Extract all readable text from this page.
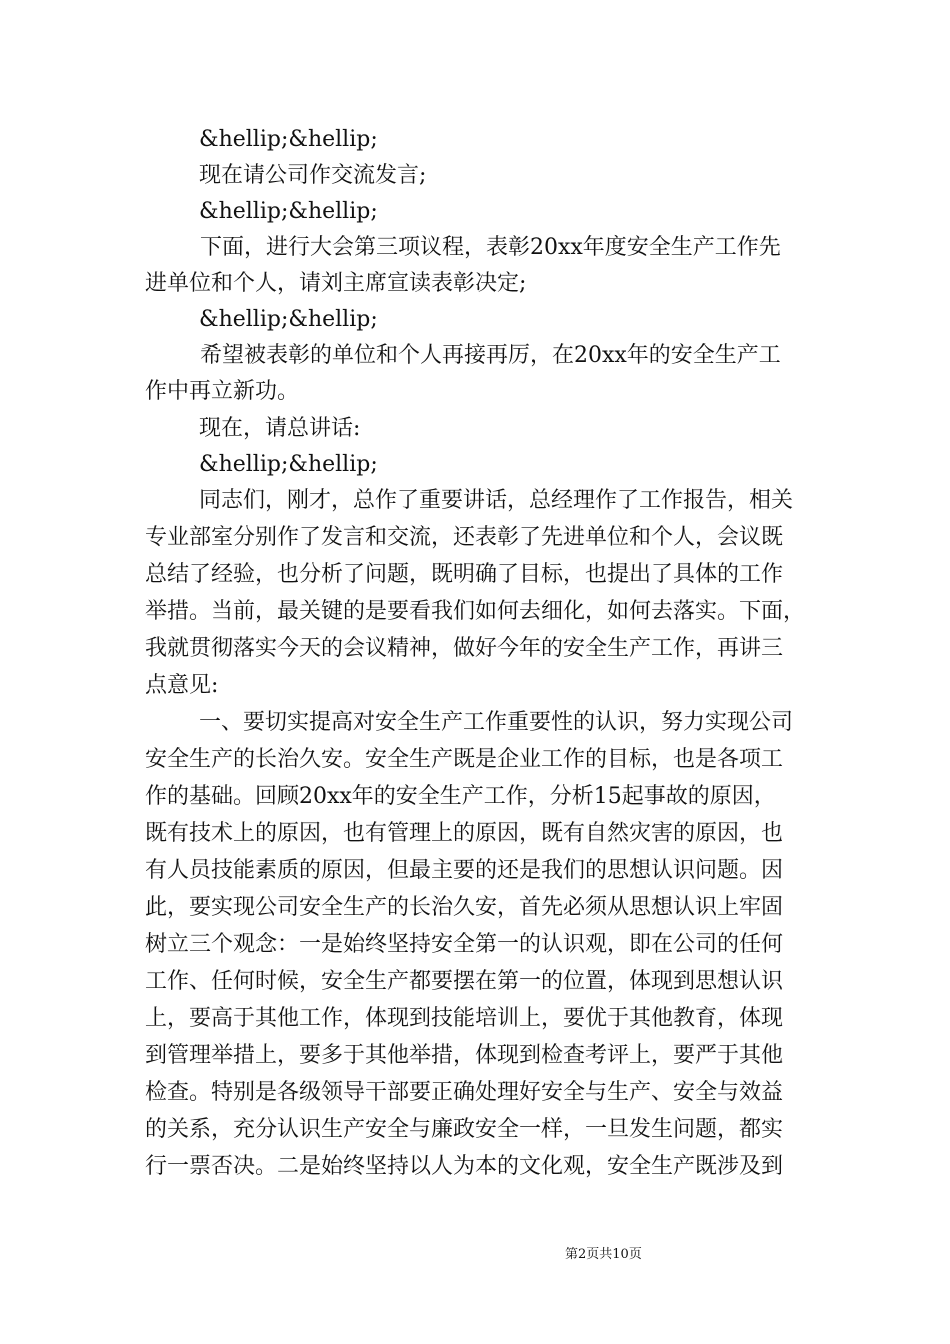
&hellip;&hellip;
现在请公司作交流发言;
&hellip;&hellip;
下面，进行大会第三项议程，表彰20xx年度安全生产工作先
进单位和个人，请刘主席宣读表彰决定;
&hellip;&hellip;
希望被表彰的单位和个人再接再厉，在20xx年的安全生产工
作中再立新功。
现在，请总讲话:
&hellip;&hellip;
同志们，刚才，总作了重要讲话，总经理作了工作报告，相关
专业部室分别作了发言和交流，还表彰了先进单位和个人，会议既
总结了经验，也分析了问题，既明确了目标，也提出了具体的工作
举措。当前，最关键的是要看我们如何去细化，如何去落实。下面，
我就贯彻落实今天的会议精神，做好今年的安全生产工作，再讲三
点意见:
一、要切实提高对安全生产工作重要性的认识，努力实现公司
安全生产的长治久安。安全生产既是企业工作的目标，也是各项工
作的基础。回顾20xx年的安全生产工作，分析15起事故的原因，
既有技术上的原因，也有管理上的原因，既有自然灾害的原因，也
有人员技能素质的原因，但最主要的还是我们的思想认识问题。因
此，要实现公司安全生产的长治久安，首先必须从思想认识上牢固
树立三个观念：一是始终坚持安全第一的认识观，即在公司的任何
工作、任何时候，安全生产都要摆在第一的位置，体现到思想认识
上，要高于其他工作，体现到技能培训上，要优于其他教育，体现
到管理举措上，要多于其他举措，体现到检查考评上，要严于其他
检查。特别是各级领导干部要正确处理好安全与生产、安全与效益
的关系，充分认识生产安全与廉政安全一样，一旦发生问题，都实
行一票否决。二是始终坚持以人为本的文化观，安全生产既涉及到
第2页共10页
